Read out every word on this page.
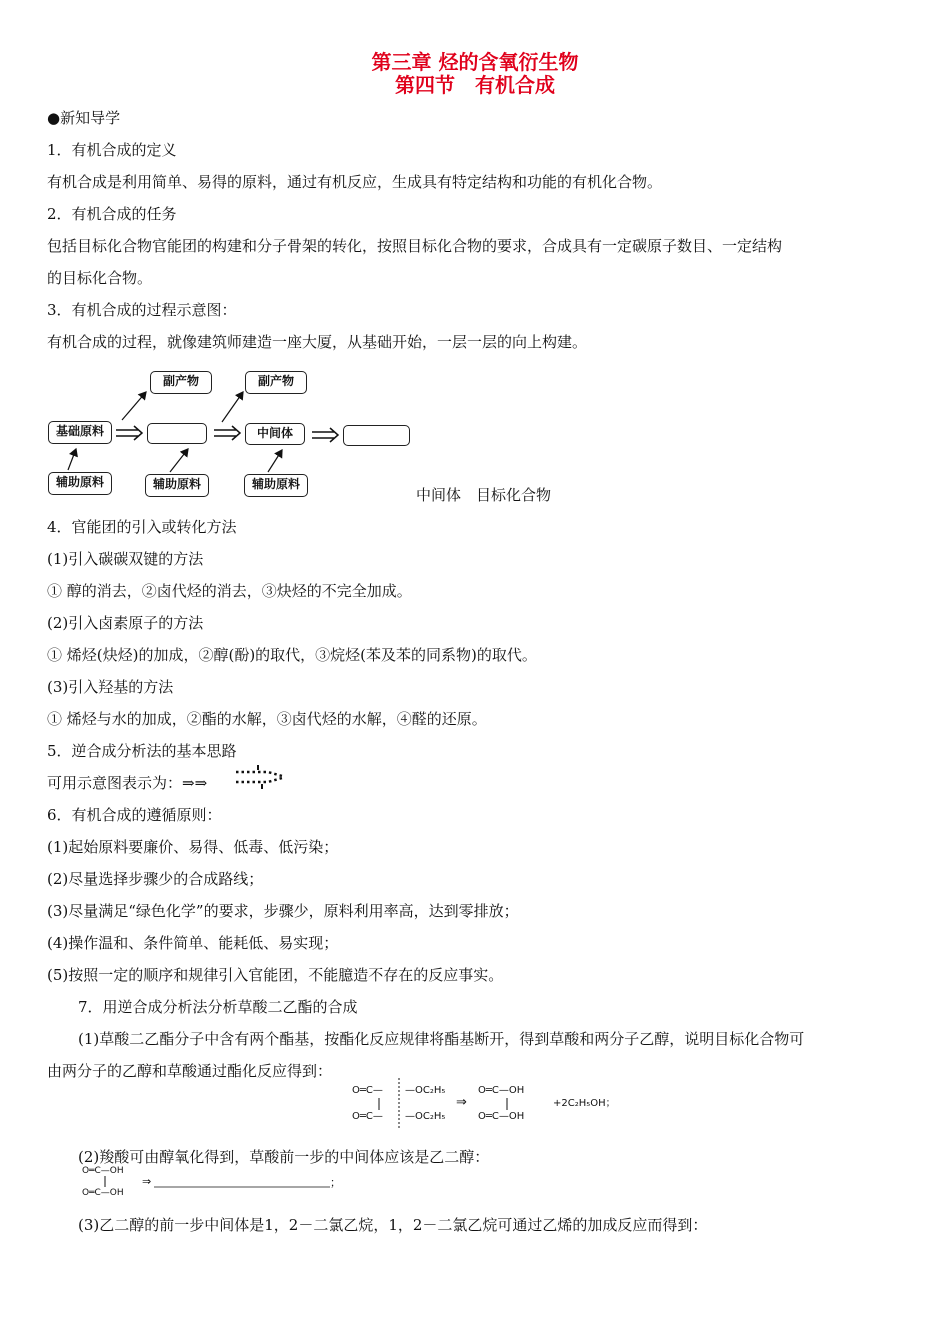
第三章 烃的含氧衍生物
第四节　有机合成
●新知导学
1．有机合成的定义
有机合成是利用简单、易得的原料，通过有机反应，生成具有特定结构和功能的有机化合物。
2．有机合成的任务
包括目标化合物官能团的构建和分子骨架的转化，按照目标化合物的要求，合成具有一定碳原子数目、一定结构
的目标化合物。
3．有机合成的过程示意图：
有机合成的过程，就像建筑师建造一座大厦，从基础开始，一层一层的向上构建。
副产物	副产物
基础原料	中间体
辅助原料	辅助原料	辅助原料
中间体　目标化合物
4．官能团的引入或转化方法
(1)引入碳碳双键的方法
① 醇的消去，②卤代烃的消去，③炔烃的不完全加成。
(2)引入卤素原子的方法
① 烯烃(炔烃)的加成，②醇(酚)的取代，③烷烃(苯及苯的同系物)的取代。
(3)引入羟基的方法
① 烯烃与水的加成，②酯的水解，③卤代烃的水解，④醛的还原。
5．逆合成分析法的基本思路
可用示意图表示为：⇒⇒
6．有机合成的遵循原则：
(1)起始原料要廉价、易得、低毒、低污染；
(2)尽量选择步骤少的合成路线；
(3)尽量满足“绿色化学”的要求，步骤少，原料利用率高，达到零排放；
(4)操作温和、条件简单、能耗低、易实现；
(5)按照一定的顺序和规律引入官能团，不能臆造不存在的反应事实。
7．用逆合成分析法分析草酸二乙酯的合成
(1)草酸二乙酯分子中含有两个酯基，按酯化反应规律将酯基断开，得到草酸和两分子乙醇，说明目标化合物可
由两分子的乙醇和草酸通过酯化反应得到：
O═C— —OC₂H₅
O═C— —OC₂H₅
⇒
O═C—OH
O═C—OH
+2C₂H₅OH；
(2)羧酸可由醇氧化得到，草酸前一步的中间体应该是乙二醇：
O═C—OH
O═C—OH
⇒	；
(3)乙二醇的前一步中间体是1，2－二氯乙烷，1，2－二氯乙烷可通过乙烯的加成反应而得到：
